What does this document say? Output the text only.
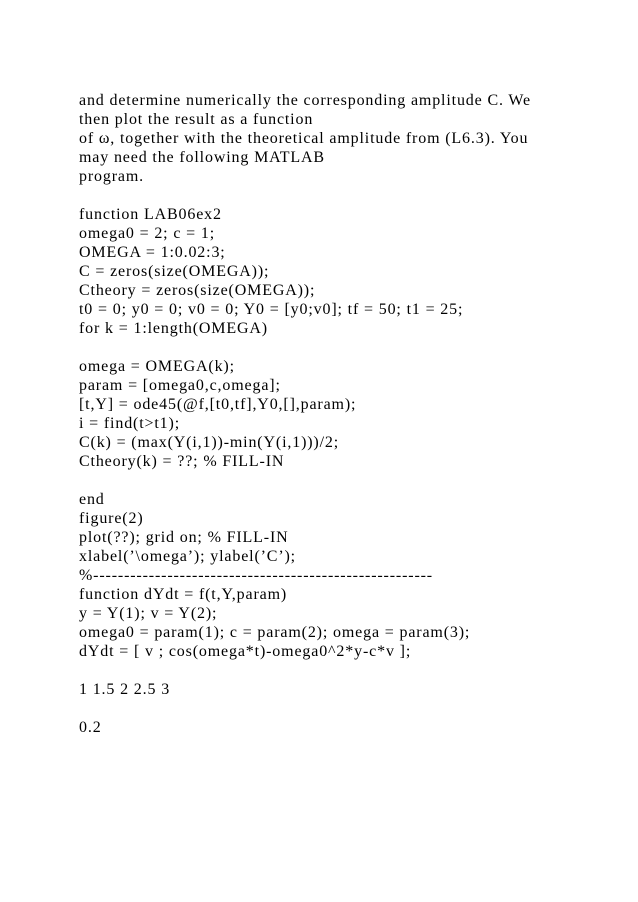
and determine numerically the corresponding amplitude C. We
then plot the result as a function
of ω, together with the theoretical amplitude from (L6.3). You
may need the following MATLAB
program.
function LAB06ex2
omega0 = 2; c = 1;
OMEGA = 1:0.02:3;
C = zeros(size(OMEGA));
Ctheory = zeros(size(OMEGA));
t0 = 0; y0 = 0; v0 = 0; Y0 = [y0;v0]; tf = 50; t1 = 25;
for k = 1:length(OMEGA)
omega = OMEGA(k);
param = [omega0,c,omega];
[t,Y] = ode45(@f,[t0,tf],Y0,[],param);
i = find(t>t1);
C(k) = (max(Y(i,1))-min(Y(i,1)))/2;
Ctheory(k) = ??; % FILL-IN
end
figure(2)
plot(??); grid on; % FILL-IN
xlabel(’\omega’); ylabel(’C’);
%-------------------------------------------------------
function dYdt = f(t,Y,param)
y = Y(1); v = Y(2);
omega0 = param(1); c = param(2); omega = param(3);
dYdt = [ v ; cos(omega*t)-omega0^2*y-c*v ];
1 1.5 2 2.5 3
0.2
